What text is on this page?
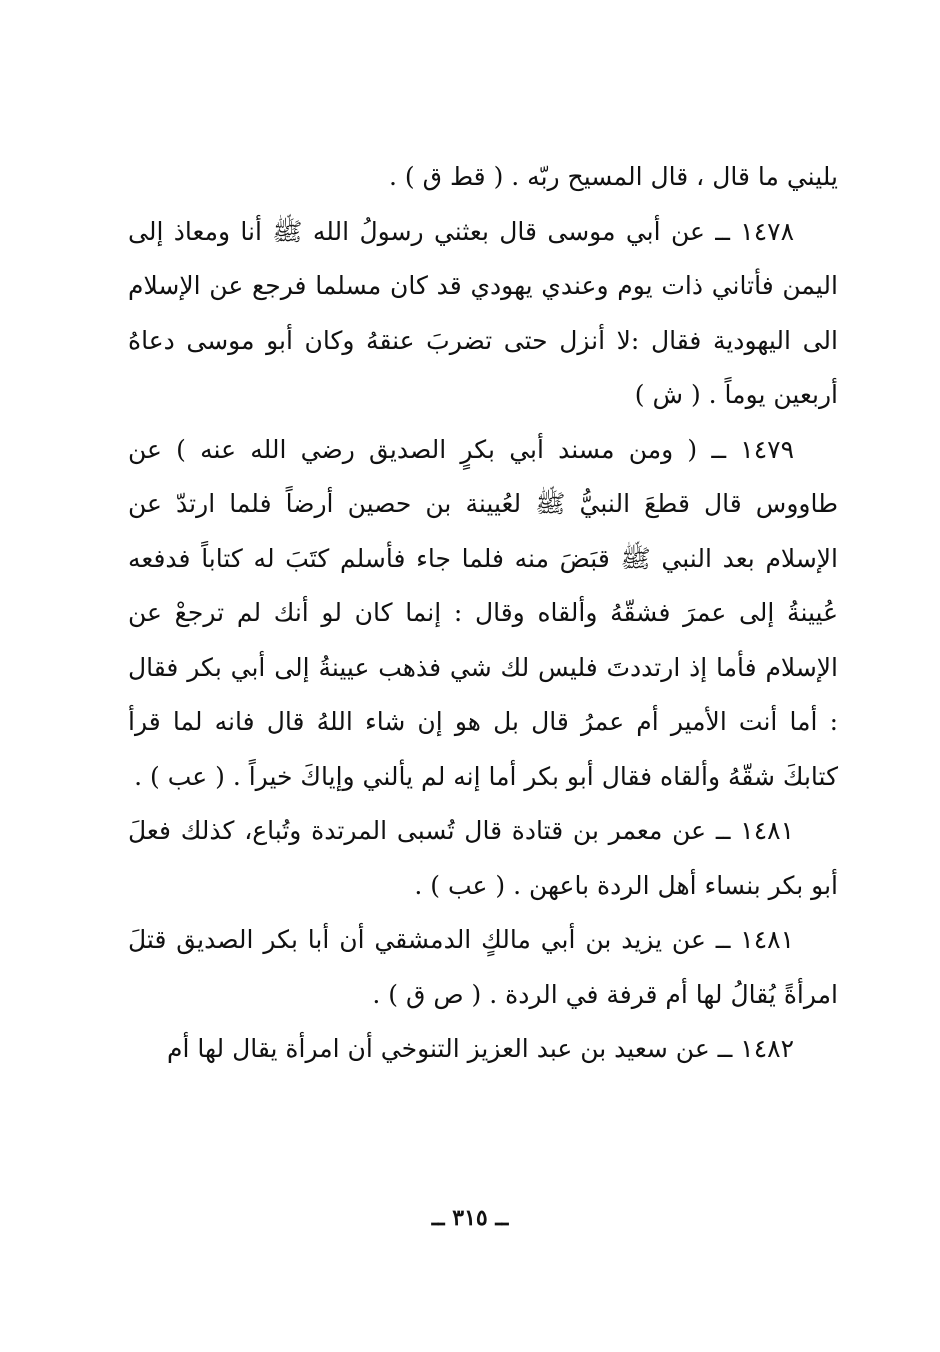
يليني ما قال ، قال المسيح ربّه . ( قط ق ) .

١٤٧٨ ــ عن أبي موسى قال بعثني رسولُ الله ﷺ أنا ومعاذ إلى اليمن فأتاني ذات يوم وعندي يهودي قد كان مسلما فرجع عن الإسلام الى اليهودية فقال :لا أنزل حتى تضربَ عنقهُ وكان أبو موسى دعاهُ أربعين يوماً . ( ش )

١٤٧٩ ــ ( ومن مسند أبي بكرٍ الصديق رضي الله عنه ) عن طاووس قال قطعَ النبيُّ ﷺ لعُيينة بن حصين أرضاً فلما ارتدّ عن الإسلام بعد النبي ﷺ قبَضَ منه فلما جاء فأسلم كتَبَ له كتاباً فدفعه عُيينةُ إلى عمرَ فشقّهُ وألقاه وقال : إنما كان لو أنك لم ترجعْ عن الإسلام فأما إذ ارتددتَ فليس لك شي فذهب عيينةُ إلى أبي بكر فقال : أما أنت الأمير أم عمرُ قال بل هو إن شاء اللهُ قال فانه لما قرأ كتابكَ شقّهُ وألقاه فقال أبو بكر أما إنه لم يألني وإياكَ خيراً . ( عب ) .

١٤٨١ ــ عن معمر بن قتادة قال تُسبى المرتدة وتُباع، كذلك فعلَ أبو بكر بنساء أهل الردة باعهن . ( عب ) .

١٤٨١ ــ عن يزيد بن أبي مالكٍ الدمشقي أن أبا بكر الصديق قتلَ امرأةً يُقالُ لها أم قرفة في الردة . ( ص ق ) .

١٤٨٢ ــ عن سعيد بن عبد العزيز التنوخي أن امرأة يقال لها أم

ــ ٣١٥ ــ
